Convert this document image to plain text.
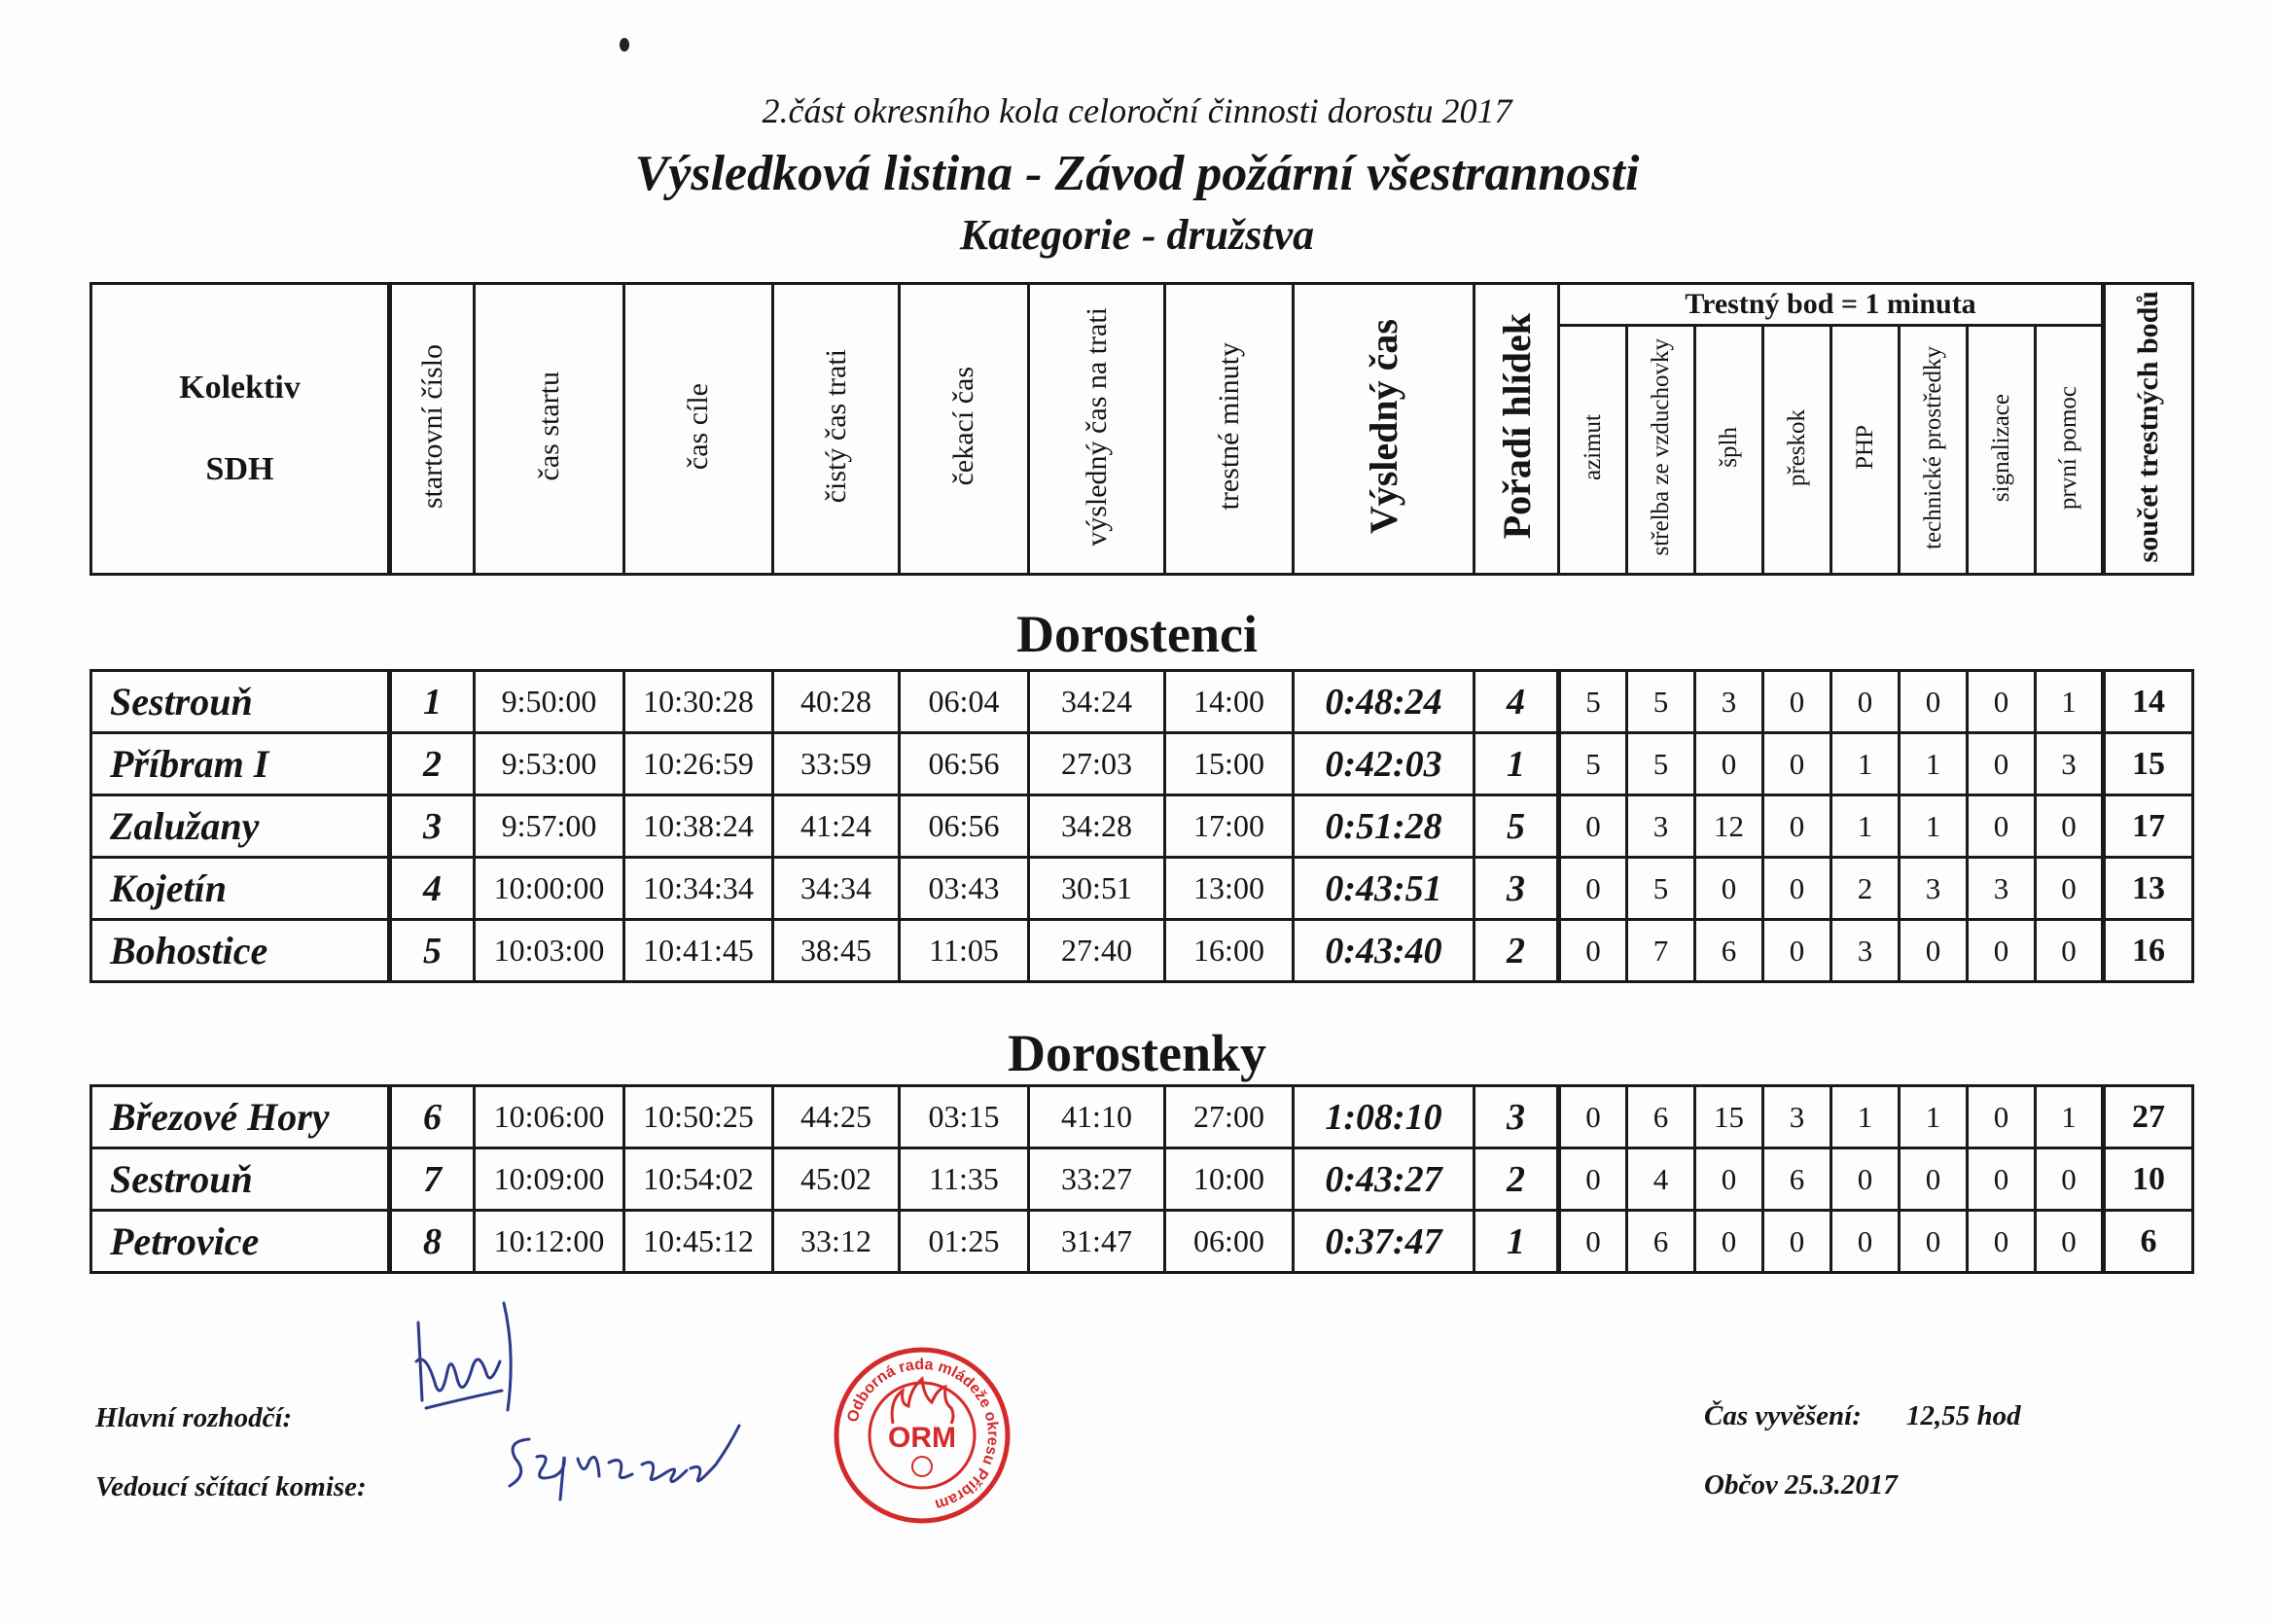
2.část okresního kola celoroční činnosti dorostu 2017
Výsledková listina - Závod požární všestrannosti
Kategorie - družstva
Kolektiv
SDH	startovní číslo	čas startu	čas cíle	čistý čas trati	čekací čas	výsledný čas na trati	trestné minuty	Výsledný čas	Pořadí hlídek	Trestný bod = 1 minuta								součet trestných bodů
										azimut	střelba ze vzduchovky	šplh	přeskok	PHP	technické prostředky	signalizace	první pomoc	
Dorostenci
Sestrouň	1	9:50:00	10:30:28	40:28	06:04	34:24	14:00	0:48:24	4	5	5	3	0	0	0	0	1	14
Příbram I	2	9:53:00	10:26:59	33:59	06:56	27:03	15:00	0:42:03	1	5	5	0	0	1	1	0	3	15
Zalužany	3	9:57:00	10:38:24	41:24	06:56	34:28	17:00	0:51:28	5	0	3	12	0	1	1	0	0	17
Kojetín	4	10:00:00	10:34:34	34:34	03:43	30:51	13:00	0:43:51	3	0	5	0	0	2	3	3	0	13
Bohostice	5	10:03:00	10:41:45	38:45	11:05	27:40	16:00	0:43:40	2	0	7	6	0	3	0	0	0	16
Dorostenky
Březové Hory	6	10:06:00	10:50:25	44:25	03:15	41:10	27:00	1:08:10	3	0	6	15	3	1	1	0	1	27
Sestrouň	7	10:09:00	10:54:02	45:02	11:35	33:27	10:00	0:43:27	2	0	4	0	6	0	0	0	0	10
Petrovice	8	10:12:00	10:45:12	33:12	01:25	31:47	06:00	0:37:47	1	0	6	0	0	0	0	0	0	6
Hlavní rozhodčí:
Vedoucí sčítací komise:
Čas vyvěšení: 12,55 hod
Občov 25.3.2017
Odborná rada mládeže okresu Příbram
ORM
